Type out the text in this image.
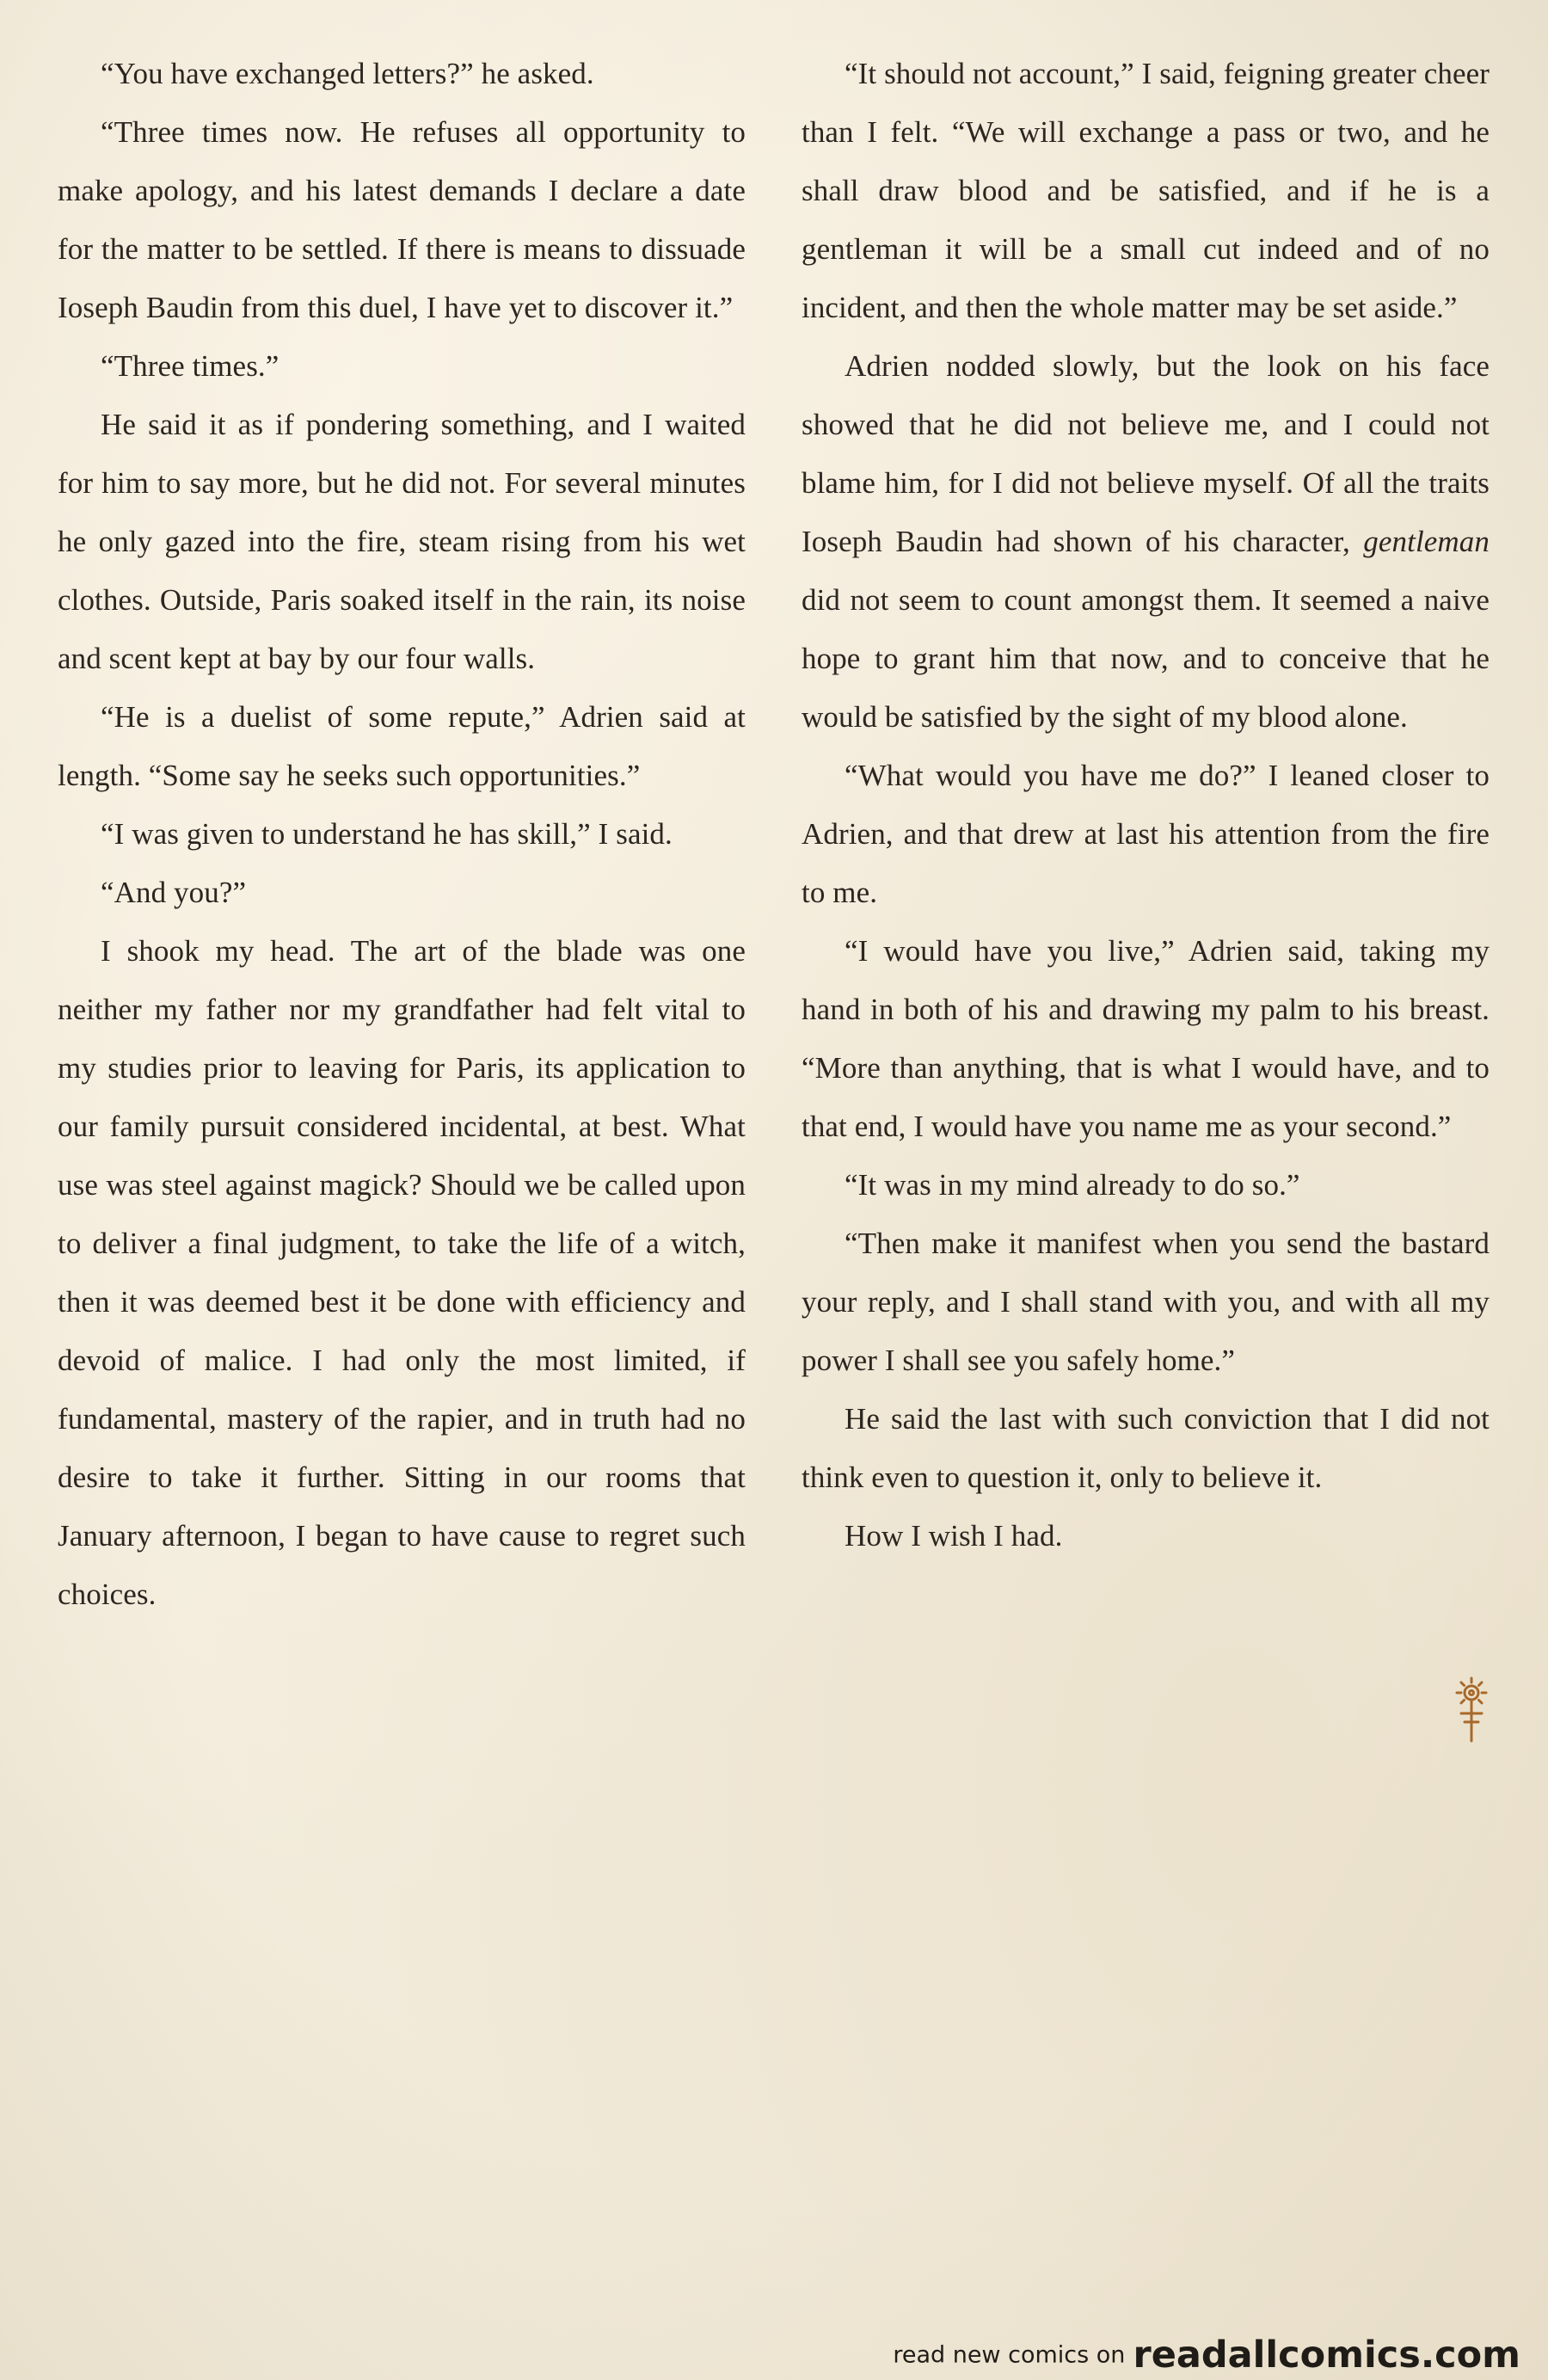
“You have exchanged letters?” he asked.

“Three times now. He refuses all opportunity to make apology, and his latest demands I declare a date for the matter to be settled. If there is means to dissuade Ioseph Baudin from this duel, I have yet to discover it.”

“Three times.”

He said it as if pondering something, and I waited for him to say more, but he did not. For several minutes he only gazed into the fire, steam rising from his wet clothes. Outside, Paris soaked itself in the rain, its noise and scent kept at bay by our four walls.

“He is a duelist of some repute,” Adrien said at length. “Some say he seeks such opportunities.”

“I was given to understand he has skill,” I said.

“And you?”

I shook my head. The art of the blade was one neither my father nor my grandfather had felt vital to my studies prior to leaving for Paris, its application to our family pursuit considered incidental, at best. What use was steel against magick? Should we be called upon to deliver a final judgment, to take the life of a witch, then it was deemed best it be done with efficiency and devoid of malice. I had only the most limited, if fundamental, mastery of the rapier, and in truth had no desire to take it further. Sitting in our rooms that January afternoon, I began to have cause to regret such choices.

“It should not account,” I said, feigning greater cheer than I felt. “We will exchange a pass or two, and he shall draw blood and be satisfied, and if he is a gentleman it will be a small cut indeed and of no incident, and then the whole matter may be set aside.”

Adrien nodded slowly, but the look on his face showed that he did not believe me, and I could not blame him, for I did not believe myself. Of all the traits Ioseph Baudin had shown of his character, gentleman did not seem to count amongst them. It seemed a naive hope to grant him that now, and to conceive that he would be satisfied by the sight of my blood alone.

“What would you have me do?” I leaned closer to Adrien, and that drew at last his attention from the fire to me.

“I would have you live,” Adrien said, taking my hand in both of his and drawing my palm to his breast. “More than anything, that is what I would have, and to that end, I would have you name me as your second.”

“It was in my mind already to do so.”

“Then make it manifest when you send the bastard your reply, and I shall stand with you, and with all my power I shall see you safely home.”

He said the last with such conviction that I did not think even to question it, only to believe it.

How I wish I had.

read new comics on readallcomics.com
